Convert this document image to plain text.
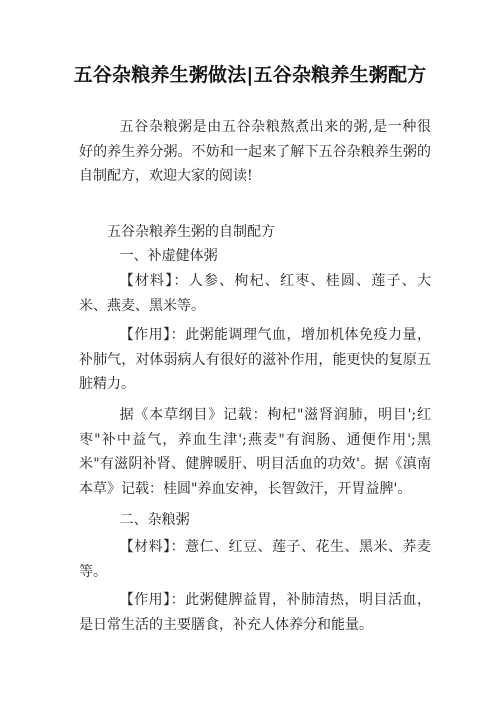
五谷杂粮养生粥做法|五谷杂粮养生粥配方
五谷杂粮粥是由五谷杂粮熬煮出来的粥,是一种很好的养生养分粥。不妨和一起来了解下五谷杂粮养生粥的自制配方，欢迎大家的阅读!
五谷杂粮养生粥的自制配方
一、补虚健体粥
【材料】：人参、枸杞、红枣、桂圆、莲子、大米、燕麦、黑米等。
【作用】：此粥能调理气血，增加机体免疫力量，补肺气，对体弱病人有很好的滋补作用，能更快的复原五脏精力。
据《本草纲目》记载：枸杞"滋肾润肺，明目';红枣"补中益气，养血生津';燕麦"有润肠、通便作用';黑米"有滋阴补肾、健脾暖肝、明目活血的功效'。据《滇南本草》记载：桂圆"养血安神，长智敛汗，开胃益脾'。
二、杂粮粥
【材料】：薏仁、红豆、莲子、花生、黑米、荞麦等。
【作用】：此粥健脾益胃，补肺清热，明目活血，是日常生活的主要膳食，补充人体养分和能量。
